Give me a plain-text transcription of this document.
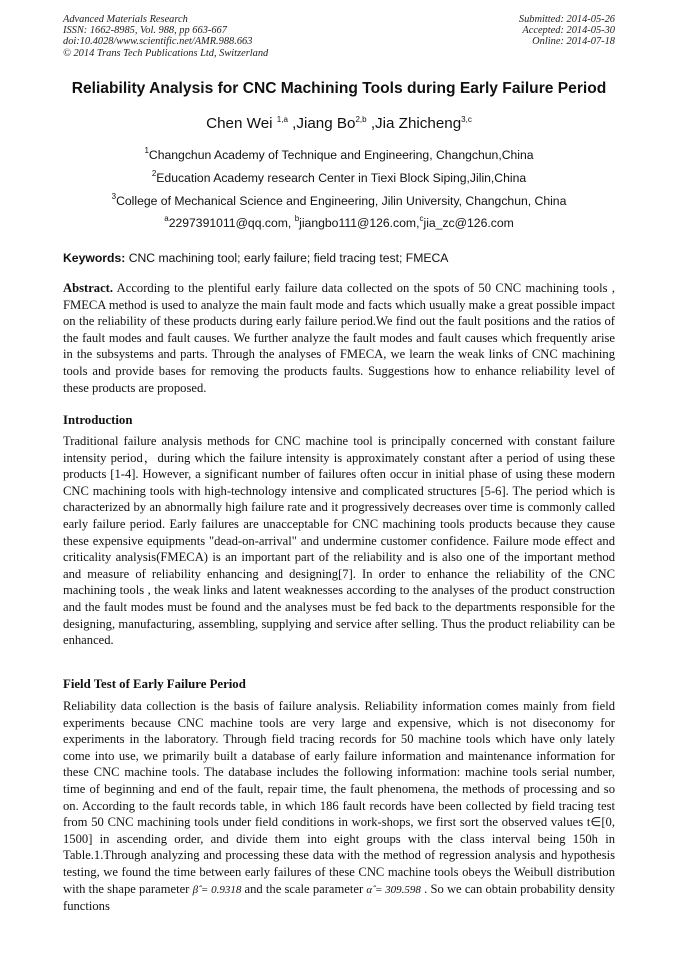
Advanced Materials Research
ISSN: 1662-8985, Vol. 988, pp 663-667
doi:10.4028/www.scientific.net/AMR.988.663
© 2014 Trans Tech Publications Ltd, Switzerland
Submitted: 2014-05-26
Accepted: 2014-05-30
Online: 2014-07-18
Reliability Analysis for CNC Machining Tools during Early Failure Period
Chen Wei $^{1,a}$ ,Jiang Bo$^{2,b}$ ,Jia Zhicheng$^{3,c}$
$^1$Changchun Academy of Technique and Engineering, Changchun,China
$^2$Education Academy research Center in Tiexi Block Siping,Jilin,China
$^3$College of Mechanical Science and Engineering, Jilin University, Changchun, China
$^a$2297391011@qq.com, $^b$jiangbo111@126.com,$^c$jia_zc@126.com
Keywords: CNC machining tool; early failure; field tracing test; FMECA
Abstract. According to the plentiful early failure data collected on the spots of 50 CNC machining tools , FMECA method is used to analyze the main fault mode and facts which usually make a great possible impact on the reliability of these products during early failure period.We find out the fault positions and the ratios of the fault modes and fault causes. We further analyze the fault modes and fault causes which frequently arise in the subsystems and parts. Through the analyses of FMECA, we learn the weak links of CNC machining tools and provide bases for removing the products faults. Suggestions how to enhance reliability level of these products are proposed.
Introduction
Traditional failure analysis methods for CNC machine tool is principally concerned with constant failure intensity period，during which the failure intensity is approximately constant after a period of using these products [1-4]. However, a significant number of failures often occur in initial phase of using these modern CNC machining tools with high-technology intensive and complicated structures [5-6]. The period which is characterized by an abnormally high failure rate and it progressively decreases over time is commonly called early failure period. Early failures are unacceptable for CNC machining tools products because they cause these expensive equipments "dead-on-arrival" and undermine customer confidence. Failure mode effect and criticality analysis(FMECA) is an important part of the reliability and is also one of the important method and measure of reliability enhancing and designing[7]. In order to enhance the reliability of the CNC machining tools , the weak links and latent weaknesses according to the analyses of the product construction and the fault modes must be found and the analyses must be fed back to the departments responsible for the designing, manufacturing, assembling, supplying and service after selling. Thus the product reliability can be enhanced.
Field Test of Early Failure Period
Reliability data collection is the basis of failure analysis. Reliability information comes mainly from field experiments because CNC machine tools are very large and expensive, which is not diseconomy for experiments in the laboratory. Through field tracing records for 50 machine tools which have only lately come into use, we primarily built a database of early failure information and maintenance information for these CNC machine tools. The database includes the following information: machine tools serial number, time of beginning and end of the fault, repair time, the fault phenomena, the methods of processing and so on. According to the fault records table, in which 186 fault records have been collected by field tracing test from 50 CNC machining tools under field conditions in work-shops, we first sort the observed values t∈[0, 1500] in ascending order, and divide them into eight groups with the class interval being 150h in Table.1.Through analyzing and processing these data with the method of regression analysis and hypothesis testing, we found the time between early failures of these CNC machine tools obeys the Weibull distribution with the shape parameter β̂ = 0.9318 and the scale parameter α̂ = 309.598 . So we can obtain probability density functions
